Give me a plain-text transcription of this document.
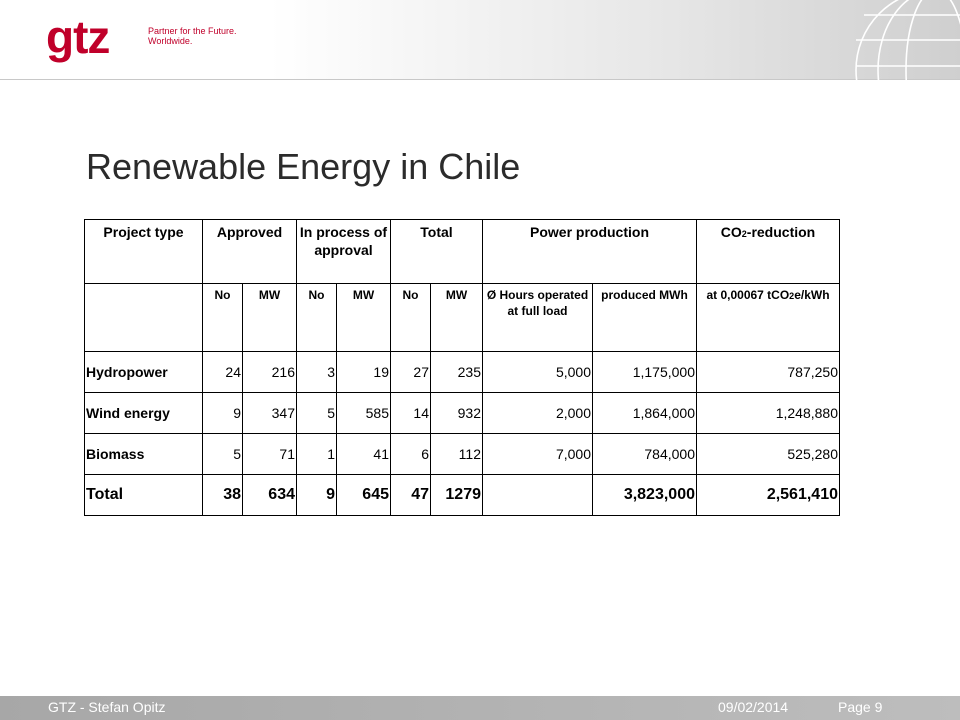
gtz	Partner for the Future.
Worldwide.
Renewable Energy in Chile
Project type	Approved		In process of approval		Total		Power production		CO2-reduction
	No	MW	No	MW	No	MW	Ø Hours operated at full load	produced MWh	at 0,00067 tCO2e/kWh
Hydropower	24	216	3	19	27	235	5,000	1,175,000	787,250
Wind energy	9	347	5	585	14	932	2,000	1,864,000	1,248,880
Biomass	5	71	1	41	6	112	7,000	784,000	525,280
Total	38	634	9	645	47	1279		3,823,000	2,561,410
GTZ - Stefan Opitz	09/02/2014	Page 9
